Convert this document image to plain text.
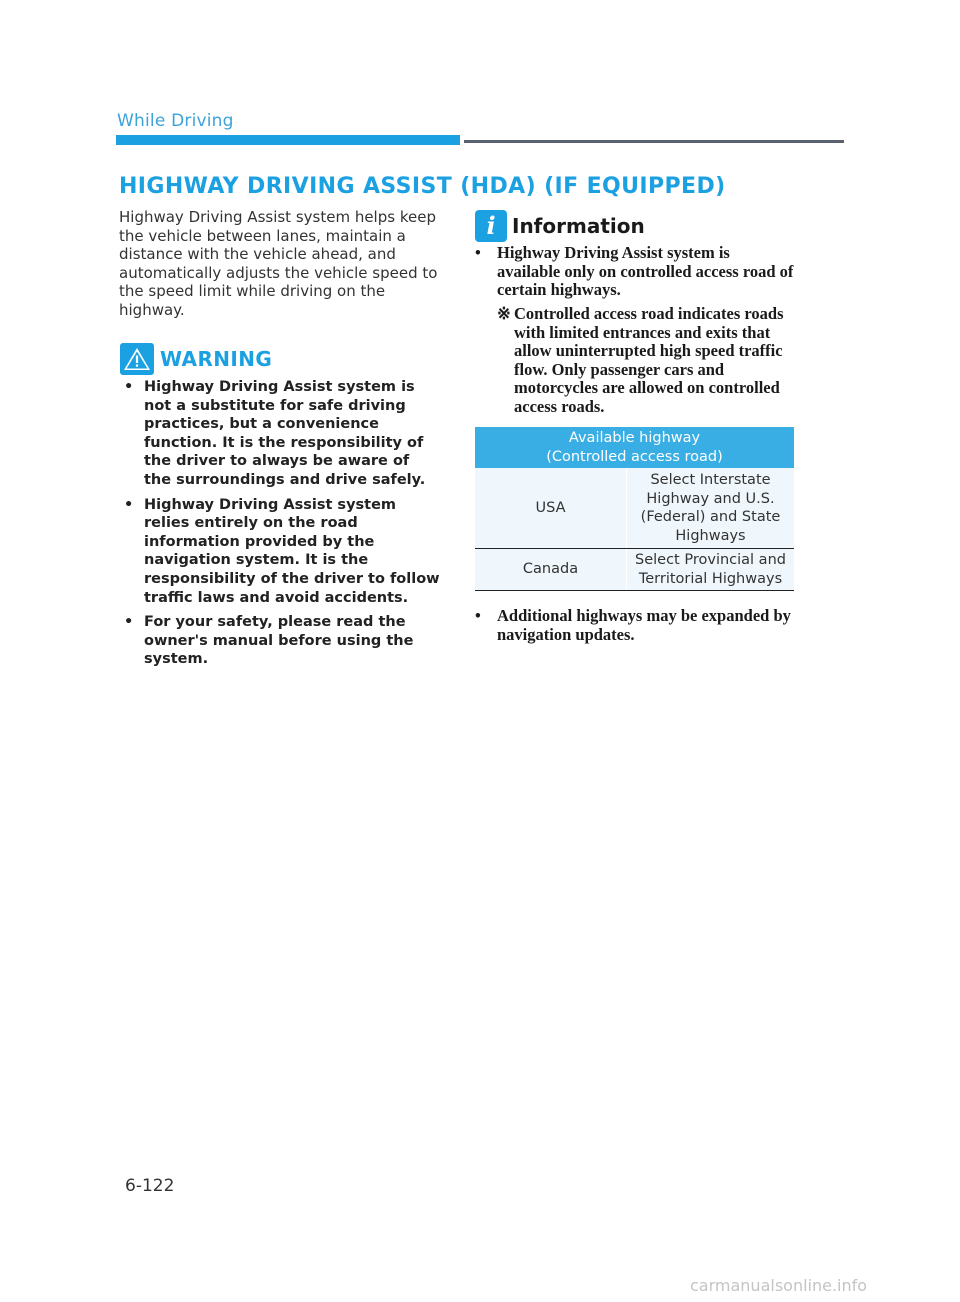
While Driving
HIGHWAY DRIVING ASSIST (HDA) (IF EQUIPPED)
Highway Driving Assist system helps keep the vehicle between lanes, maintain a distance with the vehicle ahead, and automatically adjusts the vehicle speed to the speed limit while driving on the highway.
WARNING
• Highway Driving Assist system is not a substitute for safe driving practices, but a convenience function. It is the responsibility of the driver to always be aware of the surroundings and drive safely.
• Highway Driving Assist system relies entirely on the road information provided by the navigation system. It is the responsibility of the driver to follow traffic laws and avoid accidents.
• For your safety, please read the owner's manual before using the system.
i Information
• Highway Driving Assist system is available only on controlled access road of certain highways.
※ Controlled access road indicates roads with limited entrances and exits that allow uninterrupted high speed traffic flow. Only passenger cars and motorcycles are allowed on controlled access roads.
Available highway
(Controlled access road)	
USA	Select Interstate Highway and U.S. (Federal) and State Highways
Canada	Select Provincial and Territorial Highways
• Additional highways may be expanded by navigation updates.
6-122
carmanualsonline.info
